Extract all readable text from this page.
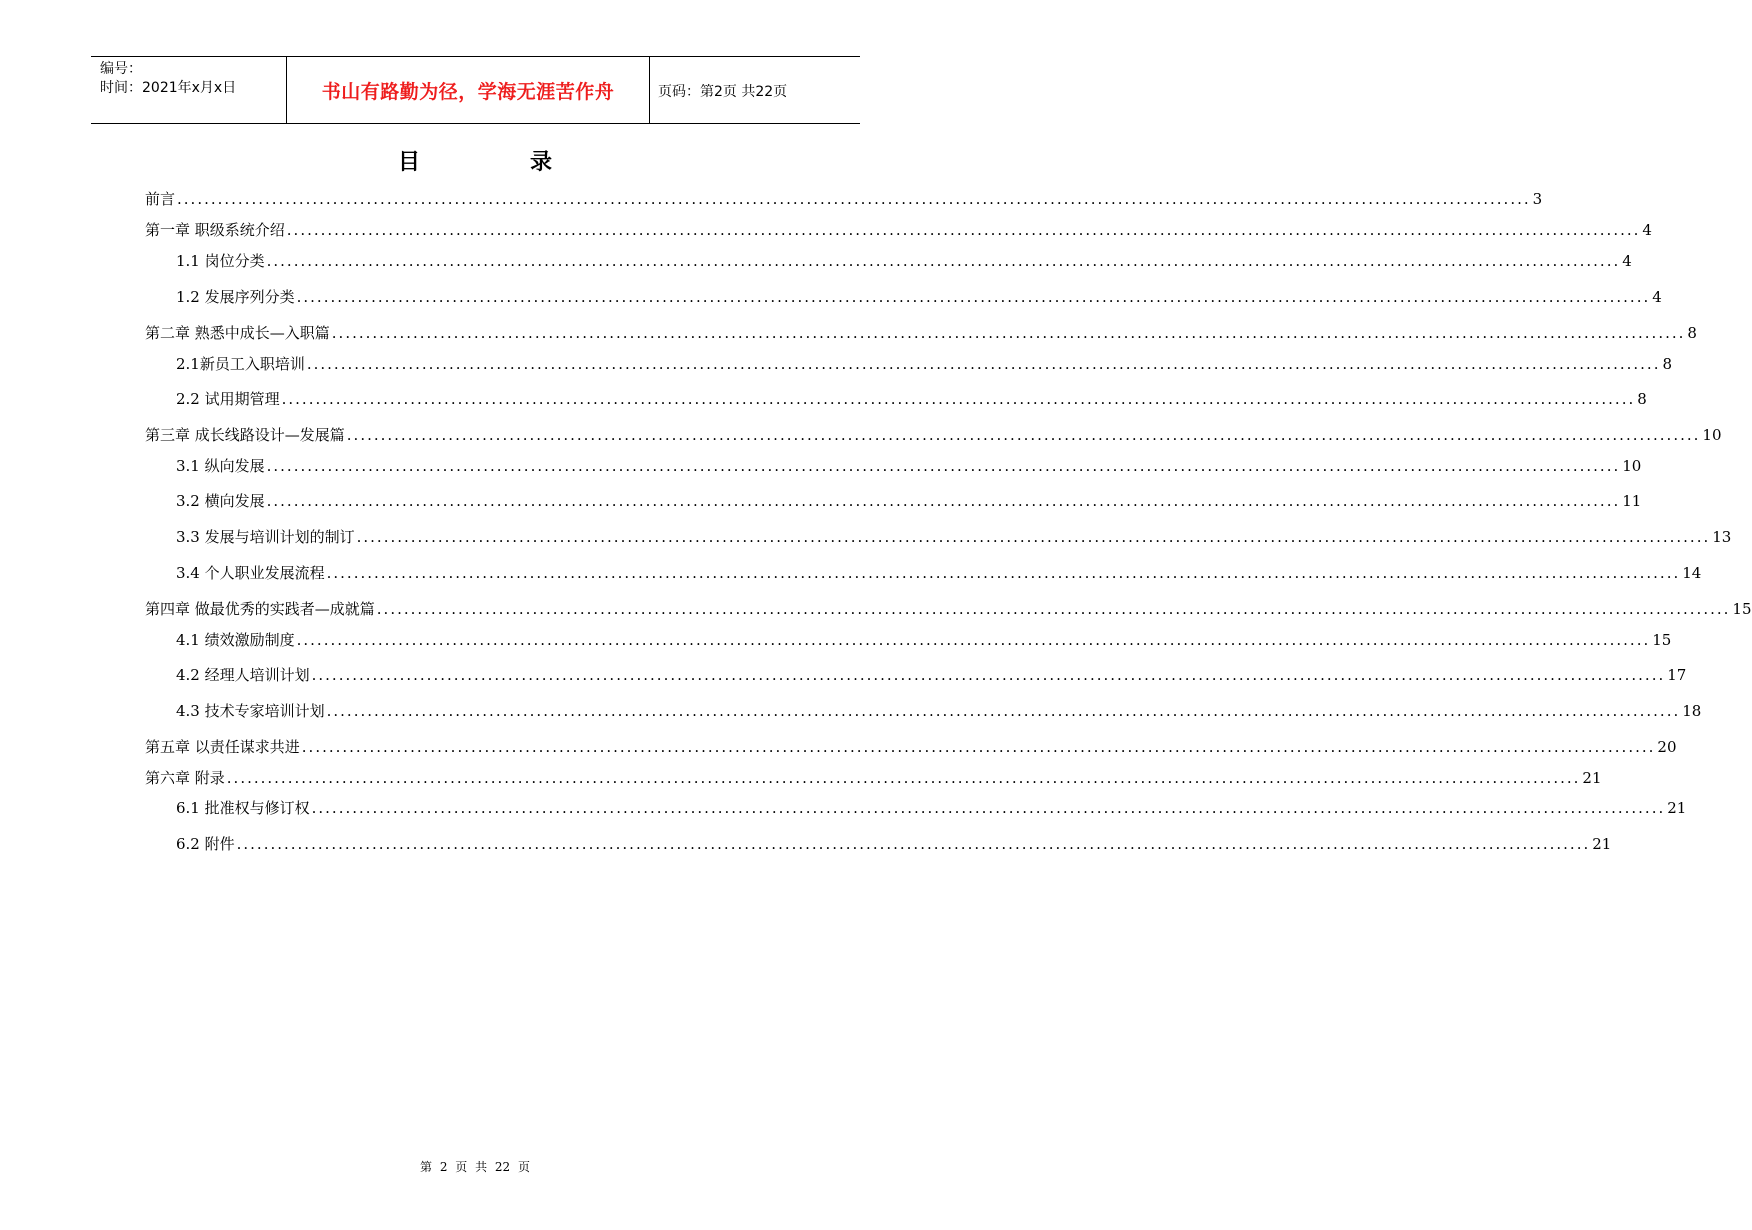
编号：
时间：2021年x月x日	书山有路勤为径，学海无涯苦作舟	页码：第2页 共22页
目录
前言 ........................................................................................................................................................................................................ 3
第一章 职级系统介绍 ........................................................................................................................................................................................................ 4
1.1 岗位分类 ........................................................................................................................................................................................................ 4
1.2 发展序列分类 ........................................................................................................................................................................................................ 4
第二章 熟悉中成长—入职篇 ........................................................................................................................................................................................................ 8
2.1新员工入职培训 ........................................................................................................................................................................................................ 8
2.2 试用期管理 ........................................................................................................................................................................................................ 8
第三章 成长线路设计—发展篇 ........................................................................................................................................................................................................ 10
3.1 纵向发展 ........................................................................................................................................................................................................ 10
3.2 横向发展 ........................................................................................................................................................................................................ 11
3.3 发展与培训计划的制订 ........................................................................................................................................................................................................ 13
3.4 个人职业发展流程 ........................................................................................................................................................................................................ 14
第四章 做最优秀的实践者—成就篇 ........................................................................................................................................................................................................ 15
4.1 绩效激励制度 ........................................................................................................................................................................................................ 15
4.2 经理人培训计划 ........................................................................................................................................................................................................ 17
4.3 技术专家培训计划 ........................................................................................................................................................................................................ 18
第五章 以责任谋求共进 ........................................................................................................................................................................................................ 20
第六章 附录 ........................................................................................................................................................................................................ 21
6.1 批准权与修订权 ........................................................................................................................................................................................................ 21
6.2 附件 ........................................................................................................................................................................................................ 21
第 2 页 共 22 页
